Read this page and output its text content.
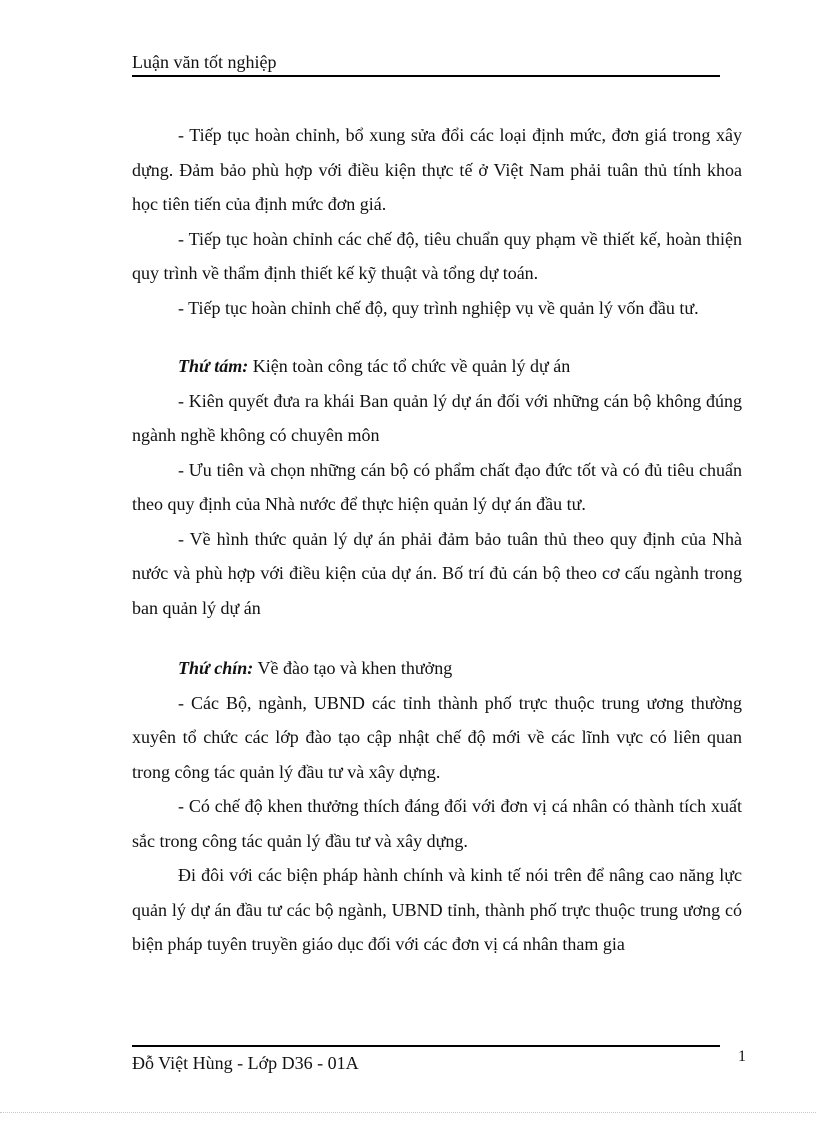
Luận văn tốt nghiệp

- Tiếp tục hoàn chỉnh, bổ xung sửa đổi các loại định mức, đơn giá trong xây dựng. Đảm bảo phù hợp với điều kiện thực tế ở Việt Nam phải tuân thủ tính khoa học tiên tiến của định mức đơn giá.

- Tiếp tục hoàn chỉnh các chế độ, tiêu chuẩn quy phạm về thiết kế, hoàn thiện quy trình về thẩm định thiết kế kỹ thuật và tổng dự toán.

- Tiếp tục hoàn chỉnh chế độ, quy trình nghiệp vụ về quản lý vốn đầu tư.

Thứ tám: Kiện toàn công tác tổ chức về quản lý dự án

- Kiên quyết đưa ra khái Ban quản lý dự án đối với những cán bộ không đúng ngành nghề không có chuyên môn

- Ưu tiên và chọn những cán bộ có phẩm chất đạo đức tốt và có đủ tiêu chuẩn theo quy định của Nhà nước để thực hiện quản lý dự án đầu tư.

- Về hình thức quản lý dự án phải đảm bảo tuân thủ theo quy định của Nhà nước và phù hợp với điều kiện của dự án. Bố trí đủ cán bộ theo cơ cấu ngành trong ban quản lý dự án

Thứ chín: Về đào tạo và khen thưởng

- Các Bộ, ngành, UBND các tỉnh thành phố trực thuộc trung ương thường xuyên tổ chức các lớp đào tạo cập nhật chế độ mới về các lĩnh vực có liên quan trong công tác quản lý đầu tư và xây dựng.

- Có chế độ khen thưởng thích đáng đối với đơn vị cá nhân có thành tích xuất sắc trong công tác quản lý đầu tư và xây dựng.

Đi đôi với các biện pháp hành chính và kinh tế nói trên để nâng cao năng lực quản lý dự án đầu tư các bộ ngành, UBND tỉnh, thành phố trực thuộc trung ương có biện pháp tuyên truyền giáo dục đối với các đơn vị cá nhân tham gia

Đỗ Việt Hùng - Lớp D36 - 01A	1
